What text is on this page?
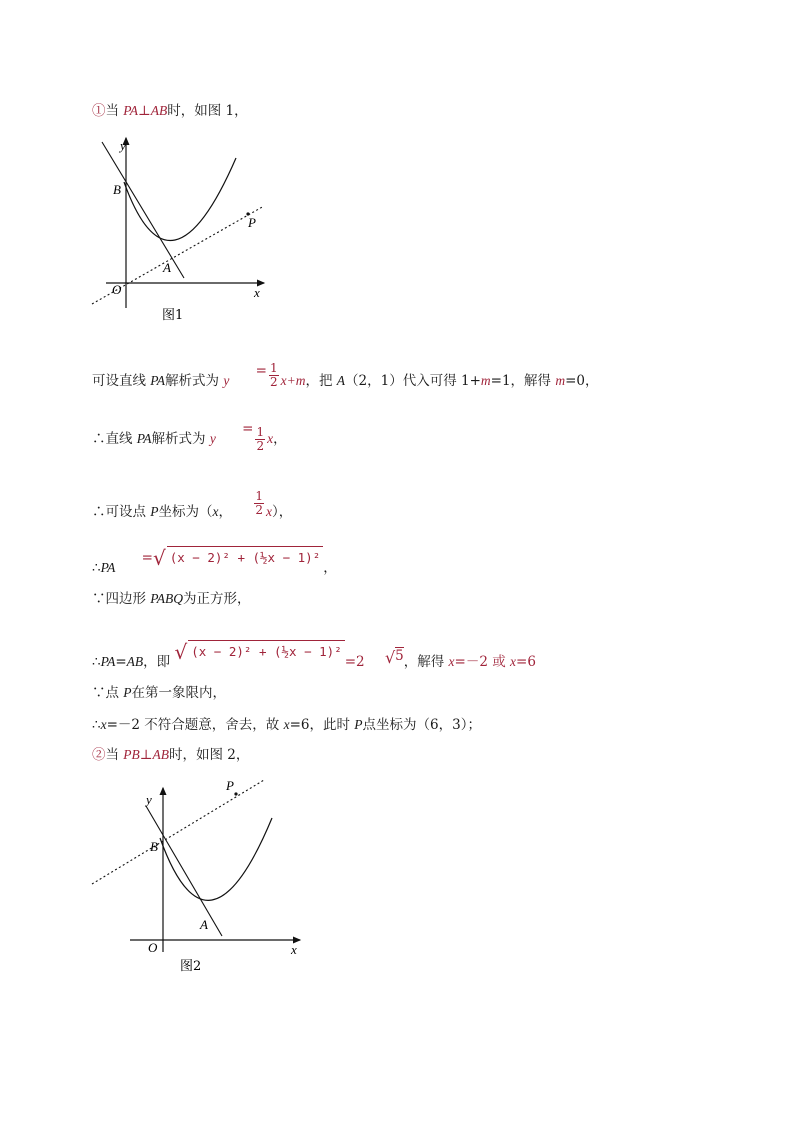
①当 PA⊥AB时，如图 1，
y
x
O
B
A
P
图1
可设直线 PA解析式为 $y = \frac{1}{2} x+m$，把 A（2，1）代入可得 1+m=1，解得 m=0，
∴直线 PA解析式为 $y = \frac{1}{2}$ x，
∴可设点 P坐标为（x， $\frac{1}{2} x$），
∴PA =√ (x − 2)² + (½x − 1)²，
∵四边形 PABQ为正方形，
∴PA=AB，即 √ (x − 2)² + (½x − 1)²=2 √5，解得 x=－2 或 x=6
∵点 P在第一象限内，
∴x=－2 不符合题意，舍去，故 x=6，此时 P点坐标为（6，3）；
②当 PB⊥AB时，如图 2，
y
x
O
B
A
P
图2
